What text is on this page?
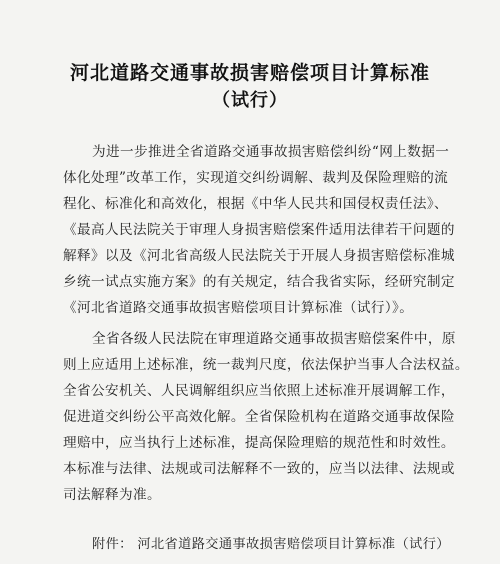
河北道路交通事故损害赔偿项目计算标准
（试行）
为进一步推进全省道路交通事故损害赔偿纠纷“网上数据一
体化处理”改革工作，实现道交纠纷调解、裁判及保险理赔的流
程化、标准化和高效化，根据《中华人民共和国侵权责任法》、
《最高人民法院关于审理人身损害赔偿案件适用法律若干问题的
解释》以及《河北省高级人民法院关于开展人身损害赔偿标准城
乡统一试点实施方案》的有关规定，结合我省实际，经研究制定
《河北省道路交通事故损害赔偿项目计算标准（试行）》。
全省各级人民法院在审理道路交通事故损害赔偿案件中，原
则上应适用上述标准，统一裁判尺度，依法保护当事人合法权益。
全省公安机关、人民调解组织应当依照上述标准开展调解工作，
促进道交纠纷公平高效化解。全省保险机构在道路交通事故保险
理赔中，应当执行上述标准，提高保险理赔的规范性和时效性。
本标准与法律、法规或司法解释不一致的，应当以法律、法规或
司法解释为准。
附件： 河北省道路交通事故损害赔偿项目计算标准（试行）
